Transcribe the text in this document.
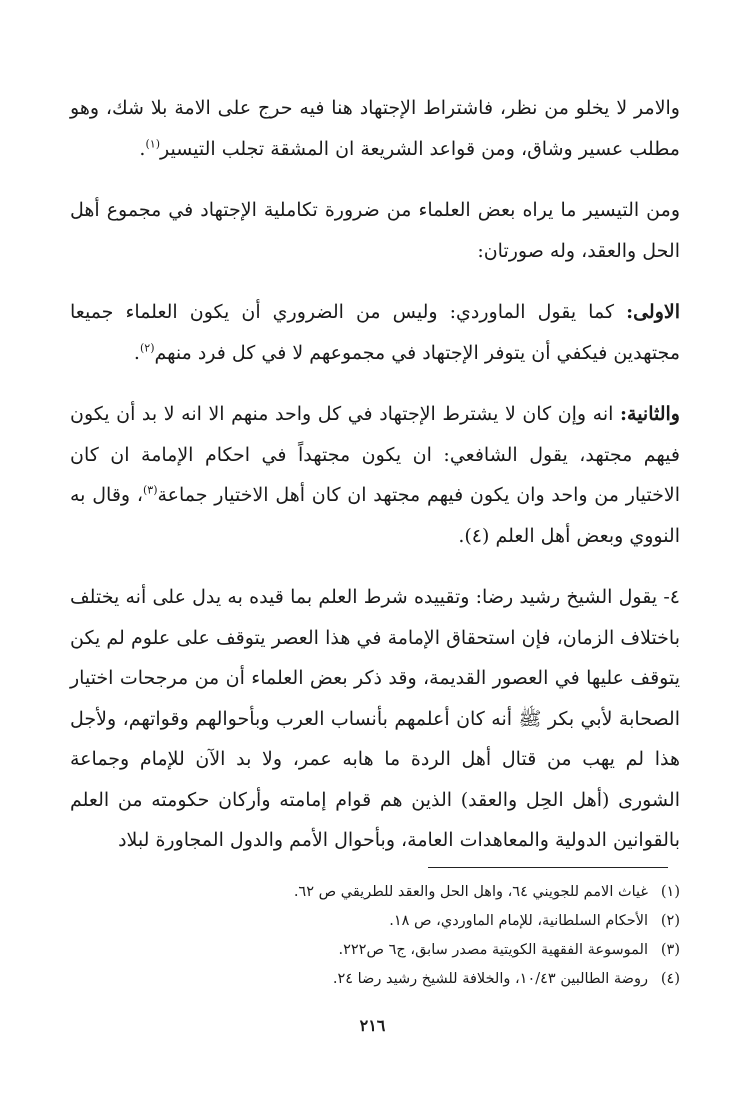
والامر لا يخلو من نظر، فاشتراط الإجتهاد هنا فيه حرج على الامة بلا شك، وهو مطلب عسير وشاق، ومن قواعد الشريعة ان المشقة تجلب التيسير$^{(١)}$.

ومن التيسير ما يراه بعض العلماء من ضرورة تكاملية الإجتهاد في مجموع أهل الحل والعقد، وله صورتان:

الاولى: كما يقول الماوردي: وليس من الضروري أن يكون العلماء جميعا مجتهدين فيكفي أن يتوفر الإجتهاد في مجموعهم لا في كل فرد منهم$^{(٢)}$.

والثانية: انه وإن كان لا يشترط الإجتهاد في كل واحد منهم الا انه لا بد أن يكون فيهم مجتهد، يقول الشافعي: ان يكون مجتهداً في احكام الإمامة ان كان الاختيار من واحد وان يكون فيهم مجتهد ان كان أهل الاختيار جماعة$^{(٣)}$، وقال به النووي وبعض أهل العلم (٤).

٤- يقول الشيخ رشيد رضا: وتقييده شرط العلم بما قيده به يدل على أنه يختلف باختلاف الزمان، فإن استحقاق الإمامة في هذا العصر يتوقف على علوم لم يكن يتوقف عليها في العصور القديمة، وقد ذكر بعض العلماء أن من مرجحات اختيار الصحابة لأبي بكر ﷺ أنه كان أعلمهم بأنساب العرب وبأحوالهم وقواتهم، ولأجل هذا لم يهب من قتال أهل الردة ما هابه عمر، ولا بد الآن للإمام وجماعة الشورى (أهل الحِل والعقد) الذين هم قوام إمامته وأركان حكومته من العلم بالقوانين الدولية والمعاهدات العامة، وبأحوال الأمم والدول المجاورة لبلاد

(١)غياث الامم للجويني ٦٤، واهل الحل والعقد للطريقي ص ٦٢.
(٢)الأحكام السلطانية، للإمام الماوردي، ص ١٨.
(٣)الموسوعة الفقهية الكويتية مصدر سابق، ج٦ ص٢٢٢.
(٤)روضة الطالبين ١٠/٤٣، والخلافة للشيخ رشيد رضا ٢٤.
٢١٦
